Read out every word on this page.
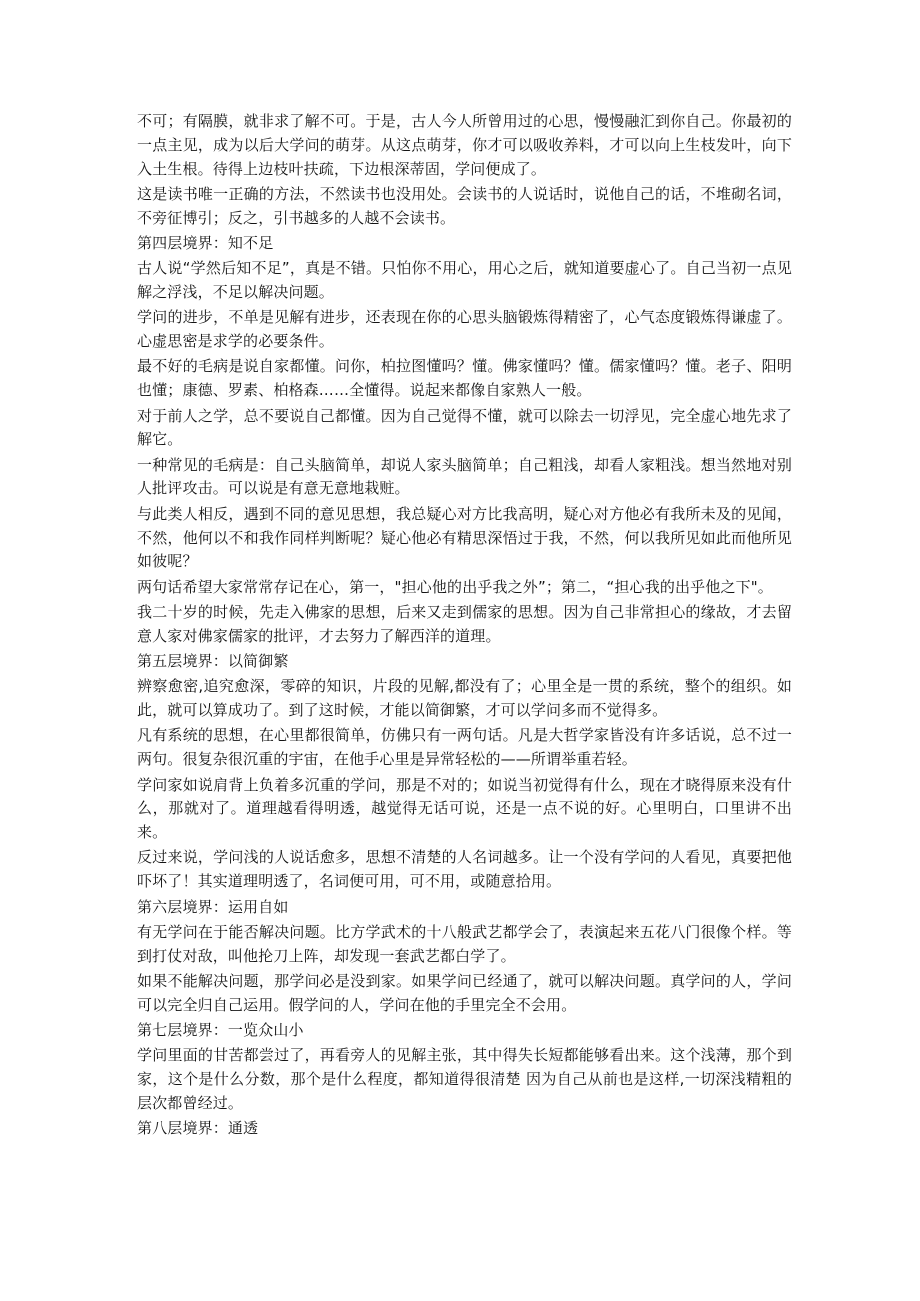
不可；有隔膜，就非求了解不可。于是，古人今人所曾用过的心思，慢慢融汇到你自己。你最初的一点主见，成为以后大学问的萌芽。从这点萌芽，你才可以吸收养料，才可以向上生枝发叶，向下入土生根。待得上边枝叶扶疏，下边根深蒂固，学问便成了。

这是读书唯一正确的方法，不然读书也没用处。会读书的人说话时，说他自己的话，不堆砌名词，不旁征博引；反之，引书越多的人越不会读书。

第四层境界：知不足

古人说“学然后知不足”，真是不错。只怕你不用心，用心之后，就知道要虚心了。自己当初一点见解之浮浅，不足以解决问题。

学问的进步，不单是见解有进步，还表现在你的心思头脑锻炼得精密了，心气态度锻炼得谦虚了。心虚思密是求学的必要条件。

最不好的毛病是说自家都懂。问你，柏拉图懂吗？懂。佛家懂吗？懂。儒家懂吗？懂。老子、阳明也懂；康德、罗素、柏格森……全懂得。说起来都像自家熟人一般。

对于前人之学，总不要说自己都懂。因为自己觉得不懂，就可以除去一切浮见，完全虚心地先求了解它。

一种常见的毛病是：自己头脑简单，却说人家头脑简单；自己粗浅，却看人家粗浅。想当然地对别人批评攻击。可以说是有意无意地栽赃。

与此类人相反，遇到不同的意见思想，我总疑心对方比我高明，疑心对方他必有我所未及的见闻，不然，他何以不和我作同样判断呢？疑心他必有精思深悟过于我，不然，何以我所见如此而他所见如彼呢？

两句话希望大家常常存记在心，第一，"担心他的出乎我之外”；第二，“担心我的出乎他之下"。

我二十岁的时候，先走入佛家的思想，后来又走到儒家的思想。因为自己非常担心的缘故，才去留意人家对佛家儒家的批评，才去努力了解西洋的道理。

第五层境界：以简御繁

辨察愈密,追究愈深，零碎的知识，片段的见解,都没有了；心里全是一贯的系统，整个的组织。如此，就可以算成功了。到了这时候，才能以简御繁，才可以学问多而不觉得多。

凡有系统的思想，在心里都很简单，仿佛只有一两句话。凡是大哲学家皆没有许多话说，总不过一两句。很复杂很沉重的宇宙，在他手心里是异常轻松的——所谓举重若轻。

学问家如说肩背上负着多沉重的学问，那是不对的；如说当初觉得有什么，现在才晓得原来没有什么，那就对了。道理越看得明透，越觉得无话可说，还是一点不说的好。心里明白，口里讲不出来。

反过来说，学问浅的人说话愈多，思想不清楚的人名词越多。让一个没有学问的人看见，真要把他吓坏了！其实道理明透了，名词便可用，可不用，或随意拾用。

第六层境界：运用自如

有无学问在于能否解决问题。比方学武术的十八般武艺都学会了，表演起来五花八门很像个样。等到打仗对敌，叫他抡刀上阵，却发现一套武艺都白学了。

如果不能解决问题，那学问必是没到家。如果学问已经通了，就可以解决问题。真学问的人，学问可以完全归自己运用。假学问的人，学问在他的手里完全不会用。

第七层境界：一览众山小

学问里面的甘苦都尝过了，再看旁人的见解主张，其中得失长短都能够看出来。这个浅薄，那个到家，这个是什么分数，那个是什么程度，都知道得很清楚 因为自己从前也是这样,一切深浅精粗的层次都曾经过。

第八层境界：通透
